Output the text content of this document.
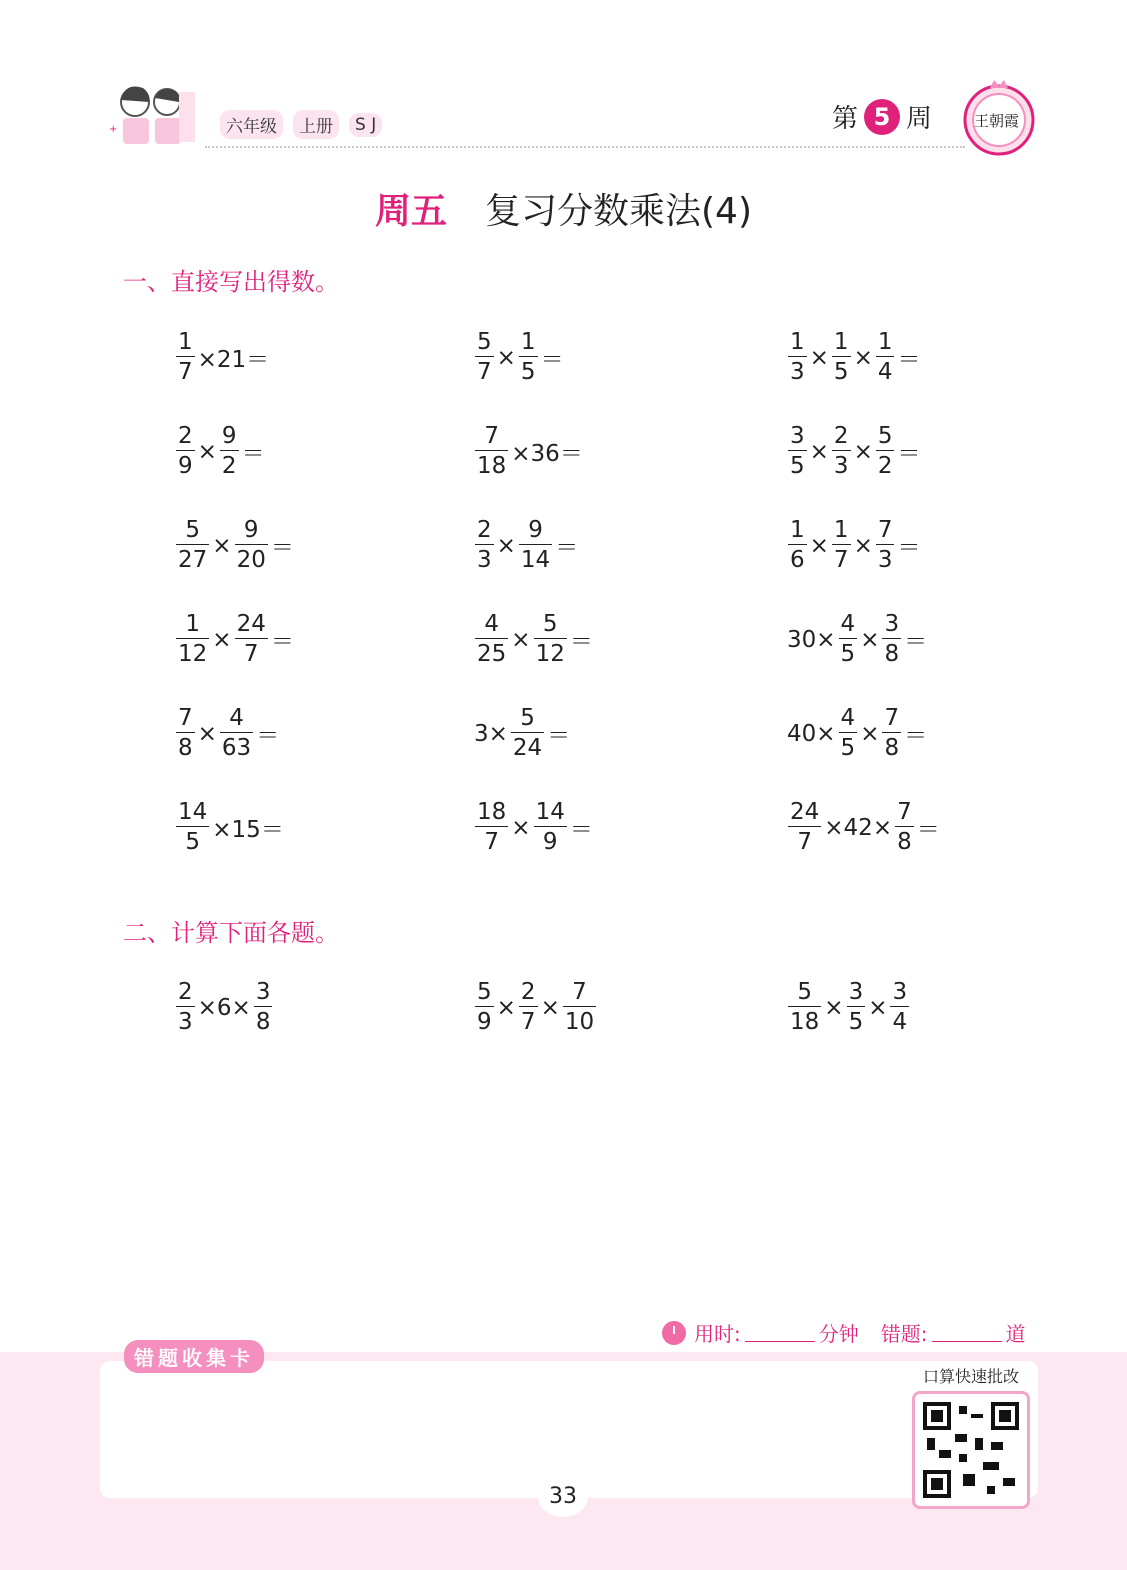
+	六年级	上册	S J	第 5 周	王朝霞
周五 复习分数乘法(4)
一、直接写出得数。
$\frac{1}{7} \times 21=$	$\frac{5}{7} \times \frac{1}{5}$ ＝	$\frac{1}{3} \times \frac{1}{5} \times \frac{1}{4}$ ＝
$\frac{2}{9} \times \frac{9}{2}$ ＝	$\frac{7}{18} \times 36=$	$\frac{3}{5} \times \frac{2}{3} \times \frac{5}{2}$ ＝
$\frac{5}{27} \times \frac{9}{20}$ ＝	$\frac{2}{3} \times \frac{9}{14}$ ＝	$\frac{1}{6} \times \frac{1}{7} \times \frac{7}{3}$ ＝
$\frac{1}{12} \times \frac{24}{7}$ ＝	$\frac{4}{25} \times \frac{5}{12}$ ＝	$30\times \frac{4}{5} \times \frac{3}{8}$ ＝
$\frac{7}{8} \times \frac{4}{63}$ ＝	$3\times \frac{5}{24}$ ＝	$40\times \frac{4}{5} \times \frac{7}{8}$ ＝
$\frac{14}{5} \times 15=$	$\frac{18}{7} \times \frac{14}{9}$ ＝	$\frac{24}{7} \times 42\times \frac{7}{8}$ ＝
二、计算下面各题。
$\frac{2}{3} \times 6\times \frac{3}{8}$	$\frac{5}{9} \times \frac{2}{7} \times \frac{7}{10}$	$\frac{5}{18} \times \frac{3}{5} \times \frac{3}{4}$
用时:	分钟 错题:	道
错题收集卡
口算快速批改
33
